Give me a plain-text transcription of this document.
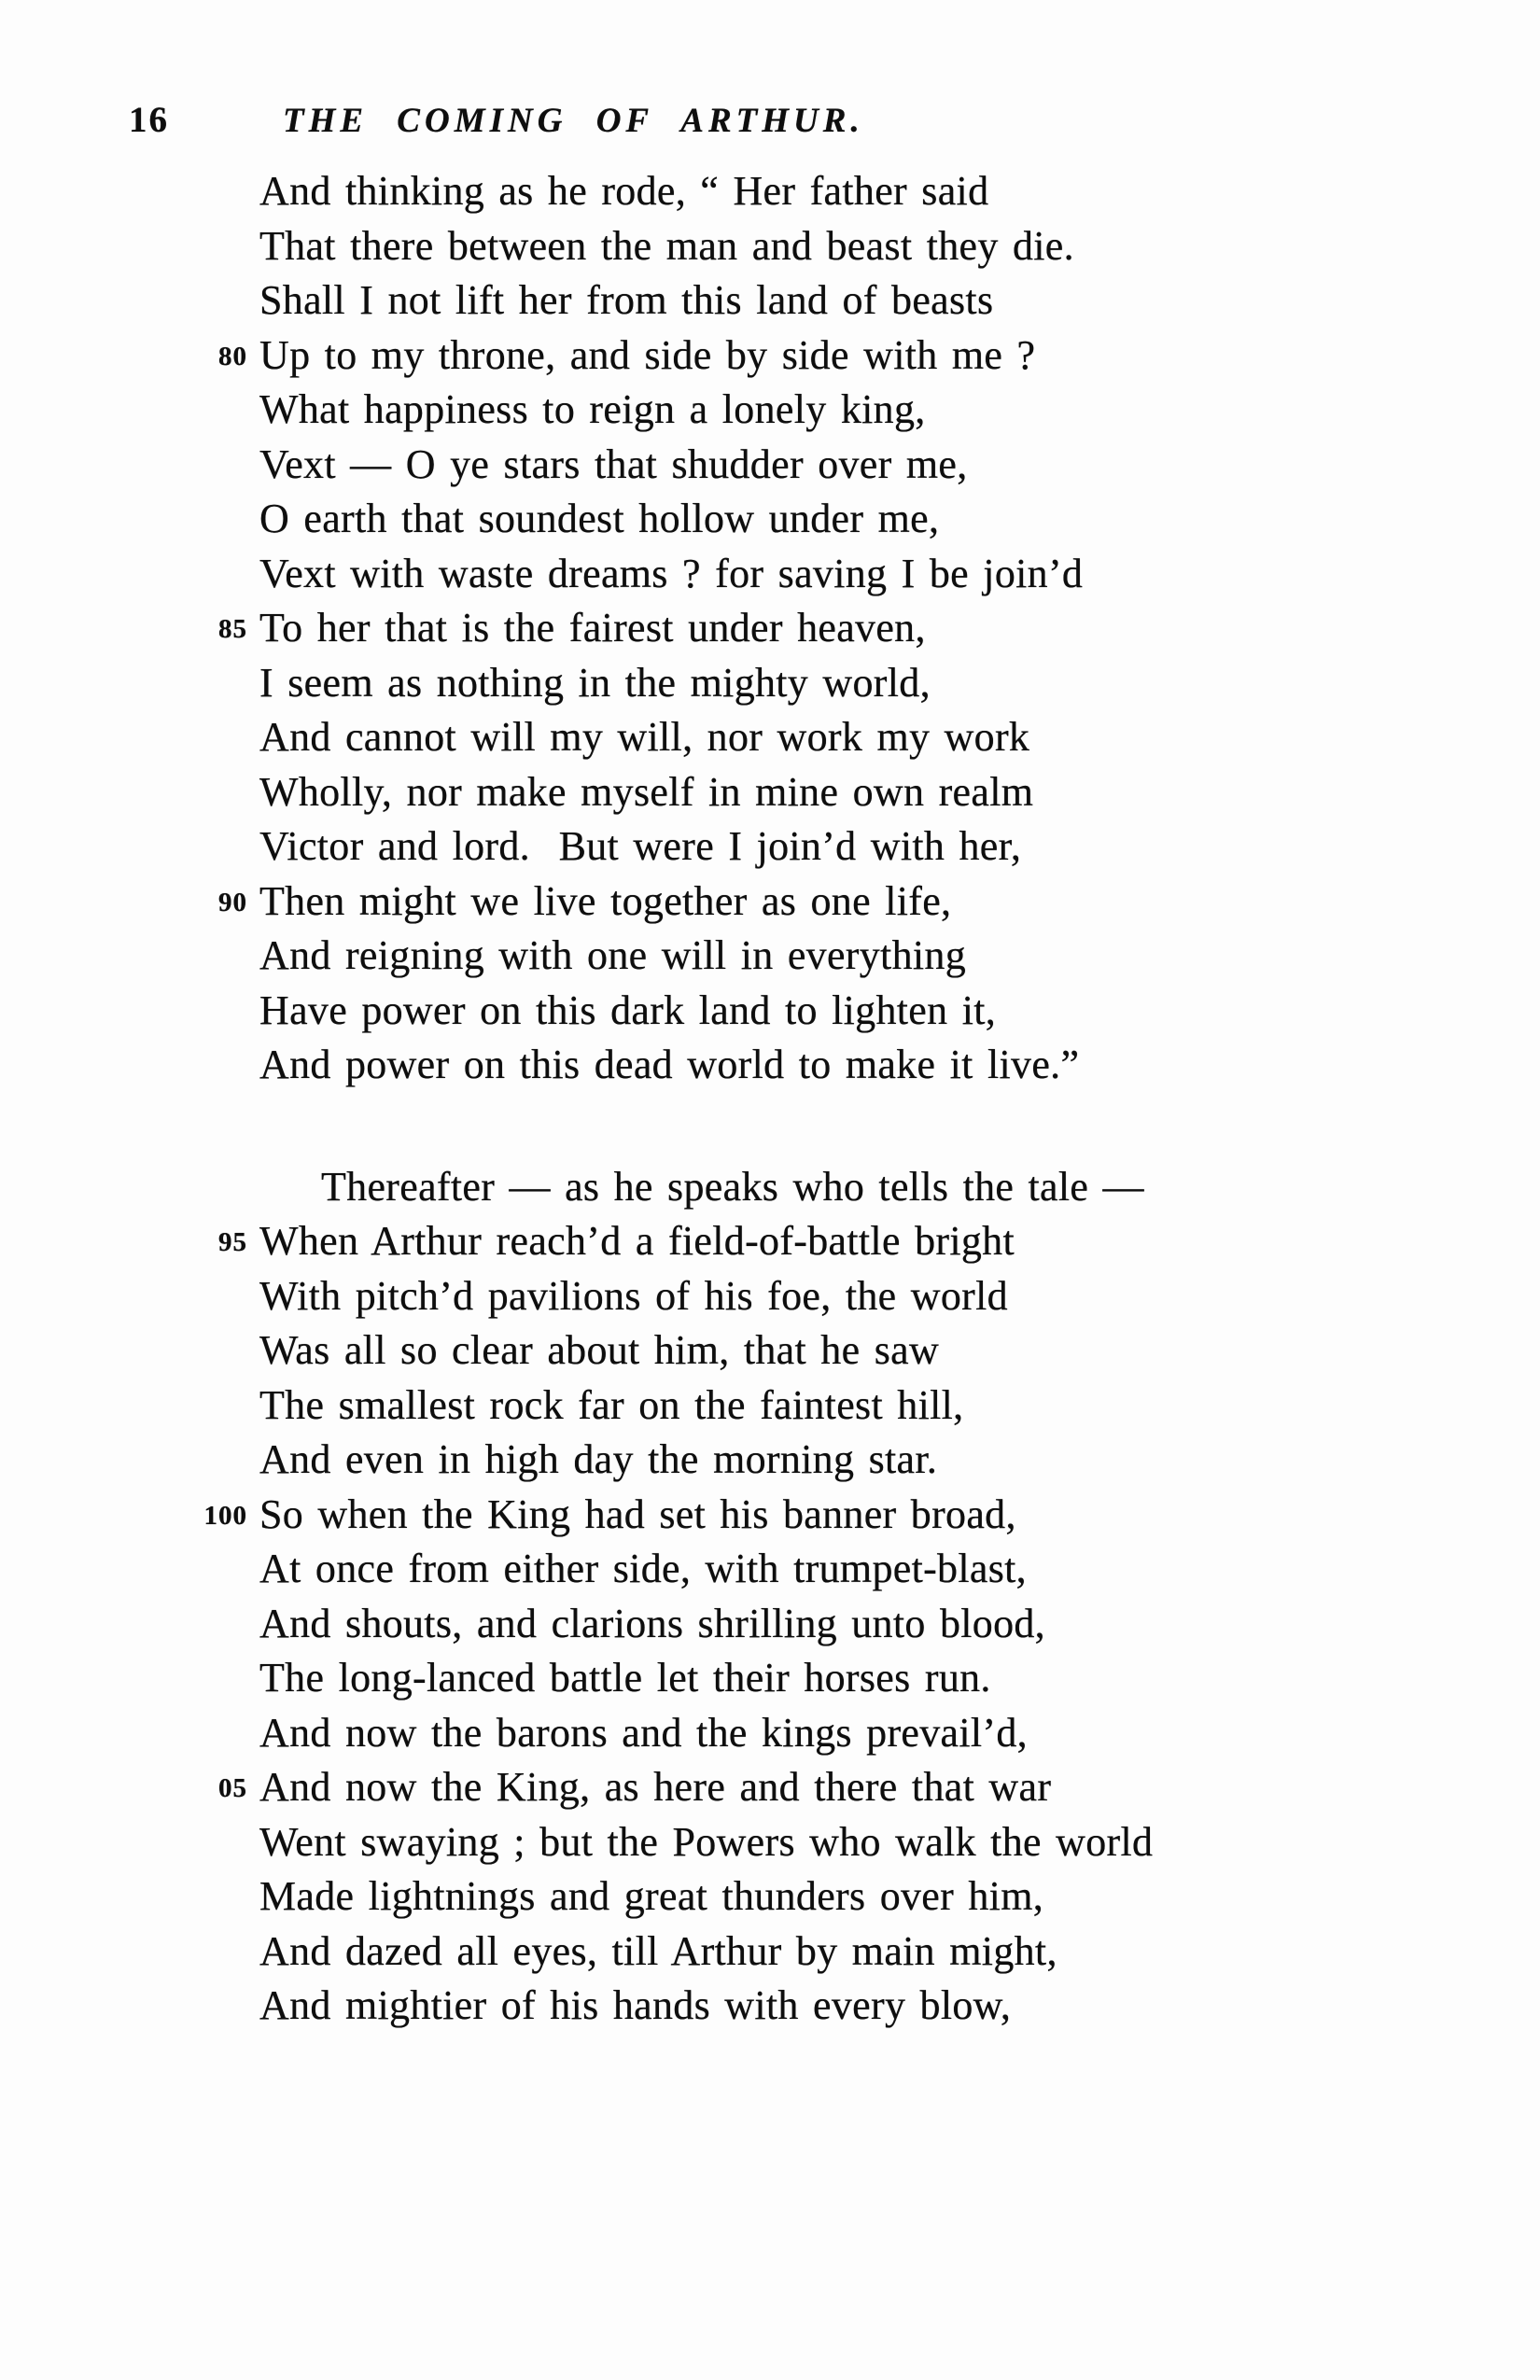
16	THE COMING OF ARTHUR.
And thinking as he rode, “ Her father said
That there between the man and beast they die.
Shall I not lift her from this land of beasts
80 Up to my throne, and side by side with me ?
What happiness to reign a lonely king,
Vext — O ye stars that shudder over me,
O earth that soundest hollow under me,
Vext with waste dreams ? for saving I be join’d
85 To her that is the fairest under heaven,
I seem as nothing in the mighty world,
And cannot will my will, nor work my work
Wholly, nor make myself in mine own realm
Victor and lord.  But were I join’d with her,
90 Then might we live together as one life,
And reigning with one will in everything
Have power on this dark land to lighten it,
And power on this dead world to make it live.”
Thereafter — as he speaks who tells the tale —
95 When Arthur reach’d a field-of-battle bright
With pitch’d pavilions of his foe, the world
Was all so clear about him, that he saw
The smallest rock far on the faintest hill,
And even in high day the morning star.
100 So when the King had set his banner broad,
At once from either side, with trumpet-blast,
And shouts, and clarions shrilling unto blood,
The long-lanced battle let their horses run.
And now the barons and the kings prevail’d,
05 And now the King, as here and there that war
Went swaying ; but the Powers who walk the world
Made lightnings and great thunders over him,
And dazed all eyes, till Arthur by main might,
And mightier of his hands with every blow,
